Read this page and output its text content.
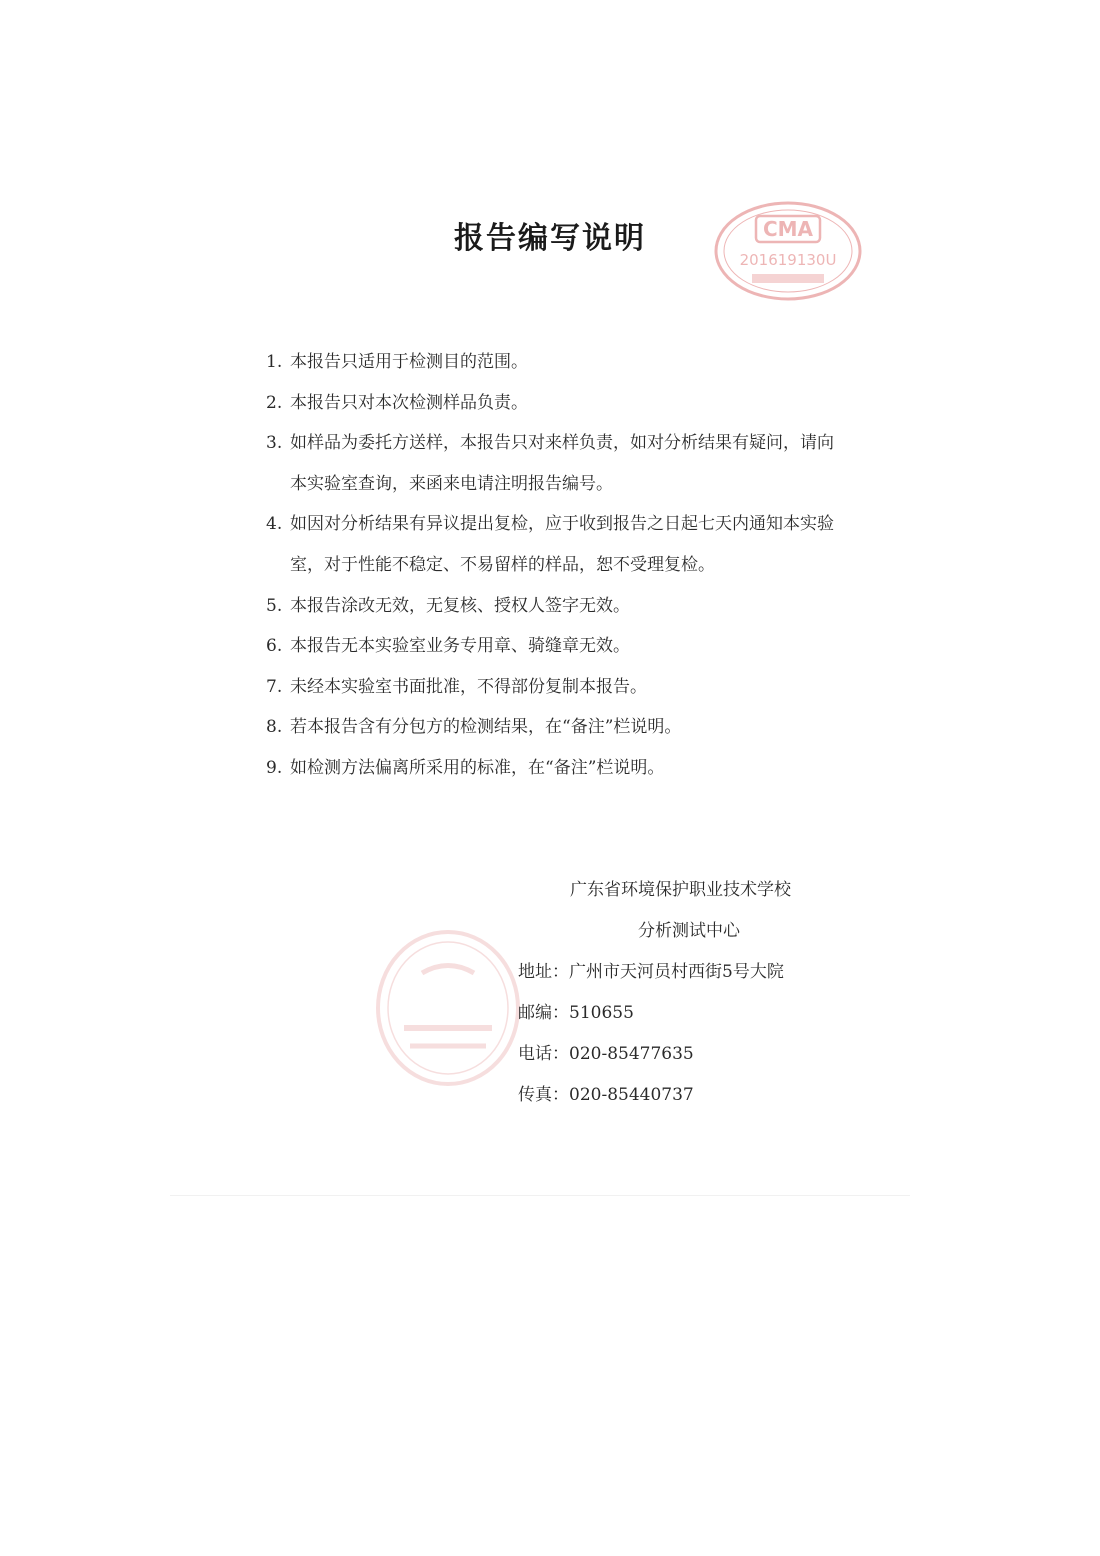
CMA
201619130U
报告编写说明
1. 本报告只适用于检测目的范围。
2. 本报告只对本次检测样品负责。
3. 如样品为委托方送样，本报告只对来样负责，如对分析结果有疑问，请向本实验室查询，来函来电请注明报告编号。
4. 如因对分析结果有异议提出复检，应于收到报告之日起七天内通知本实验室，对于性能不稳定、不易留样的样品，恕不受理复检。
5. 本报告涂改无效，无复核、授权人签字无效。
6. 本报告无本实验室业务专用章、骑缝章无效。
7. 未经本实验室书面批准，不得部份复制本报告。
8. 若本报告含有分包方的检测结果，在“备注”栏说明。
9. 如检测方法偏离所采用的标准，在“备注”栏说明。
广东省环境保护职业技术学校
分析测试中心
地址：广州市天河员村西街5号大院
邮编：510655
电话：020-85477635
传真：020-85440737
